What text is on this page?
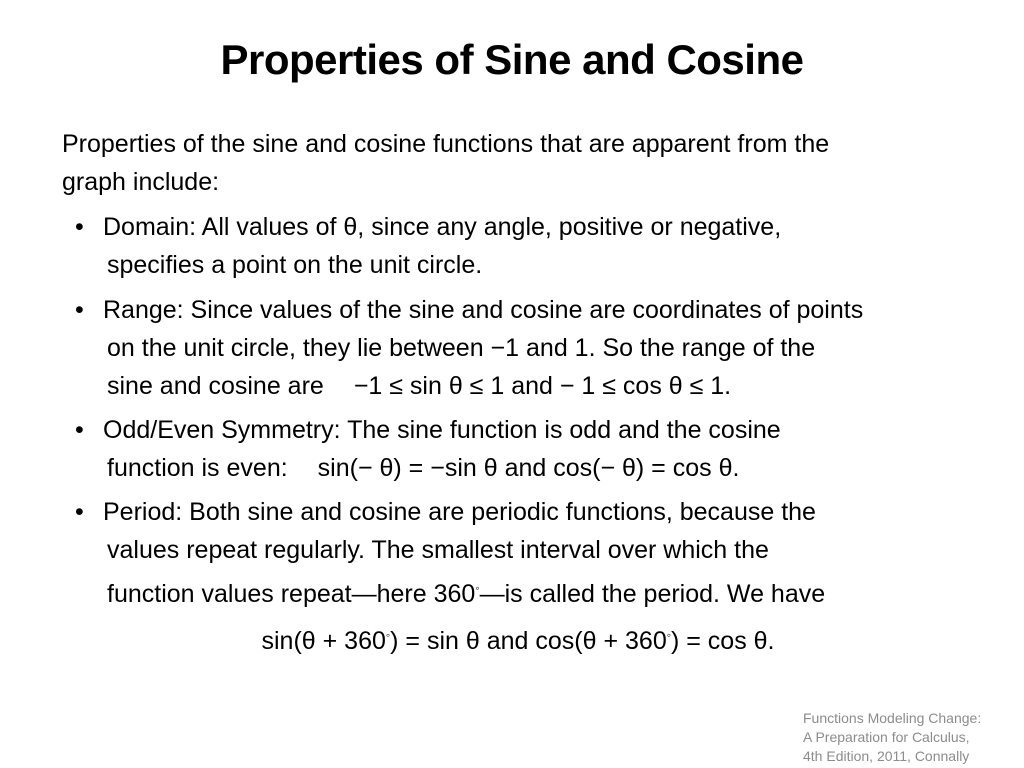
Properties of Sine and Cosine
Properties of the sine and cosine functions that are apparent from the
graph include:
• Domain: All values of θ, since any angle, positive or negative,
specifies a point on the unit circle.
• Range: Since values of the sine and cosine are coordinates of points
on the unit circle, they lie between −1 and 1. So the range of the
sine and cosine are −1 ≤ sin θ ≤ 1 and − 1 ≤ cos θ ≤ 1.
• Odd/Even Symmetry: The sine function is odd and the cosine
function is even: sin(− θ) = −sin θ and cos(− θ) = cos θ.
• Period: Both sine and cosine are periodic functions, because the
values repeat regularly. The smallest interval over which the
function values repeat—here 360◦—is called the period. We have
sin(θ + 360◦) = sin θ and cos(θ + 360◦) = cos θ.
Functions Modeling Change:
A Preparation for Calculus,
4th Edition, 2011, Connally
